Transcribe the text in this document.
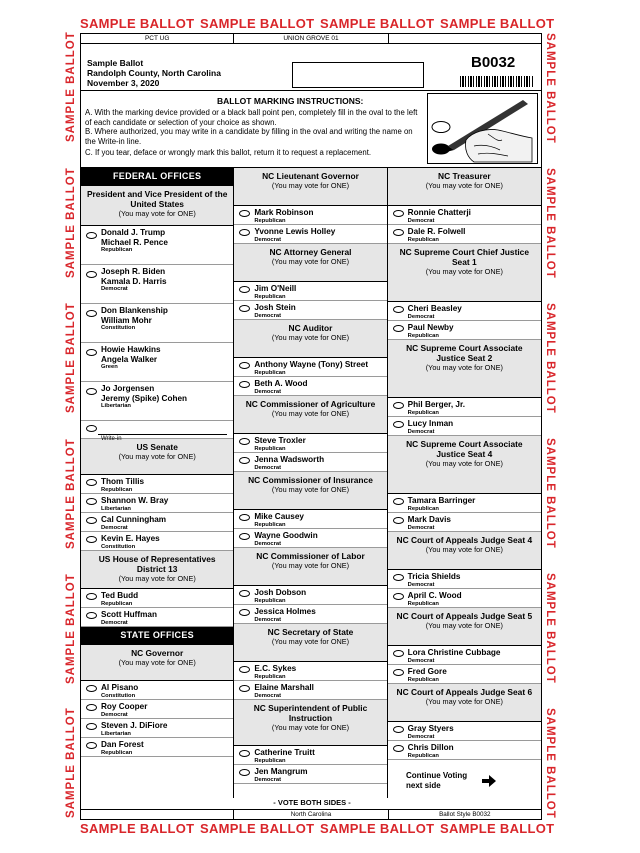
SAMPLE BALLOT SAMPLE BALLOT SAMPLE BALLOT SAMPLE BALLOT
SAMPLE BALLOT SAMPLE BALLOT SAMPLE BALLOT SAMPLE BALLOT
SAMPLE BALLOT
SAMPLE BALLOT
SAMPLE BALLOT
SAMPLE BALLOT
SAMPLE BALLOT
SAMPLE BALLOT
SAMPLE BALLOT
SAMPLE BALLOT
SAMPLE BALLOT
SAMPLE BALLOT
SAMPLE BALLOT
SAMPLE BALLOT
PCT UG	UNION GROVE 01
Sample Ballot
Randolph County, North Carolina
November 3, 2020
B0032
BALLOT MARKING INSTRUCTIONS:
A. With the marking device provided or a black ball point pen, completely fill in the oval to the left of each candidate or selection of your choice as shown.
B. Where authorized, you may write in a candidate by filling in the oval and writing the name on the Write-in line.
C. If you tear, deface or wrongly mark this ballot, return it to request a replacement.
FEDERAL OFFICES
President and Vice President of the United States
(You may vote for ONE)
Donald J. Trump
Michael R. Pence
Republican
Joseph R. Biden
Kamala D. Harris
Democrat
Don Blankenship
William Mohr
Constitution
Howie Hawkins
Angela Walker
Green
Jo Jorgensen
Jeremy (Spike) Cohen
Libertarian
Write-in
US Senate
(You may vote for ONE)
Thom Tillis
Republican
Shannon W. Bray
Libertarian
Cal Cunningham
Democrat
Kevin E. Hayes
Constitution
US House of Representatives District 13
(You may vote for ONE)
Ted Budd
Republican
Scott Huffman
Democrat
STATE OFFICES
NC Governor
(You may vote for ONE)
Al Pisano
Constitution
Roy Cooper
Democrat
Steven J. DiFiore
Libertarian
Dan Forest
Republican
NC Lieutenant Governor
(You may vote for ONE)
Mark Robinson
Republican
Yvonne Lewis Holley
Democrat
NC Attorney General
(You may vote for ONE)
Jim O'Neill
Republican
Josh Stein
Democrat
NC Auditor
(You may vote for ONE)
Anthony Wayne (Tony) Street
Republican
Beth A. Wood
Democrat
NC Commissioner of Agriculture
(You may vote for ONE)
Steve Troxler
Republican
Jenna Wadsworth
Democrat
NC Commissioner of Insurance
(You may vote for ONE)
Mike Causey
Republican
Wayne Goodwin
Democrat
NC Commissioner of Labor
(You may vote for ONE)
Josh Dobson
Republican
Jessica Holmes
Democrat
NC Secretary of State
(You may vote for ONE)
E.C. Sykes
Republican
Elaine Marshall
Democrat
NC Superintendent of Public Instruction
(You may vote for ONE)
Catherine Truitt
Republican
Jen Mangrum
Democrat
NC Treasurer
(You may vote for ONE)
Ronnie Chatterji
Democrat
Dale R. Folwell
Republican
NC Supreme Court Chief Justice Seat 1
(You may vote for ONE)
Cheri Beasley
Democrat
Paul Newby
Republican
NC Supreme Court Associate Justice Seat 2
(You may vote for ONE)
Phil Berger, Jr.
Republican
Lucy Inman
Democrat
NC Supreme Court Associate Justice Seat 4
(You may vote for ONE)
Tamara Barringer
Republican
Mark Davis
Democrat
NC Court of Appeals Judge Seat 4
(You may vote for ONE)
Tricia Shields
Democrat
April C. Wood
Republican
NC Court of Appeals Judge Seat 5
(You may vote for ONE)
Lora Christine Cubbage
Democrat
Fred Gore
Republican
NC Court of Appeals Judge Seat 6
(You may vote for ONE)
Gray Styers
Democrat
Chris Dillon
Republican
- VOTE BOTH SIDES -
Continue Voting
next side
North Carolina	Ballot Style B0032
